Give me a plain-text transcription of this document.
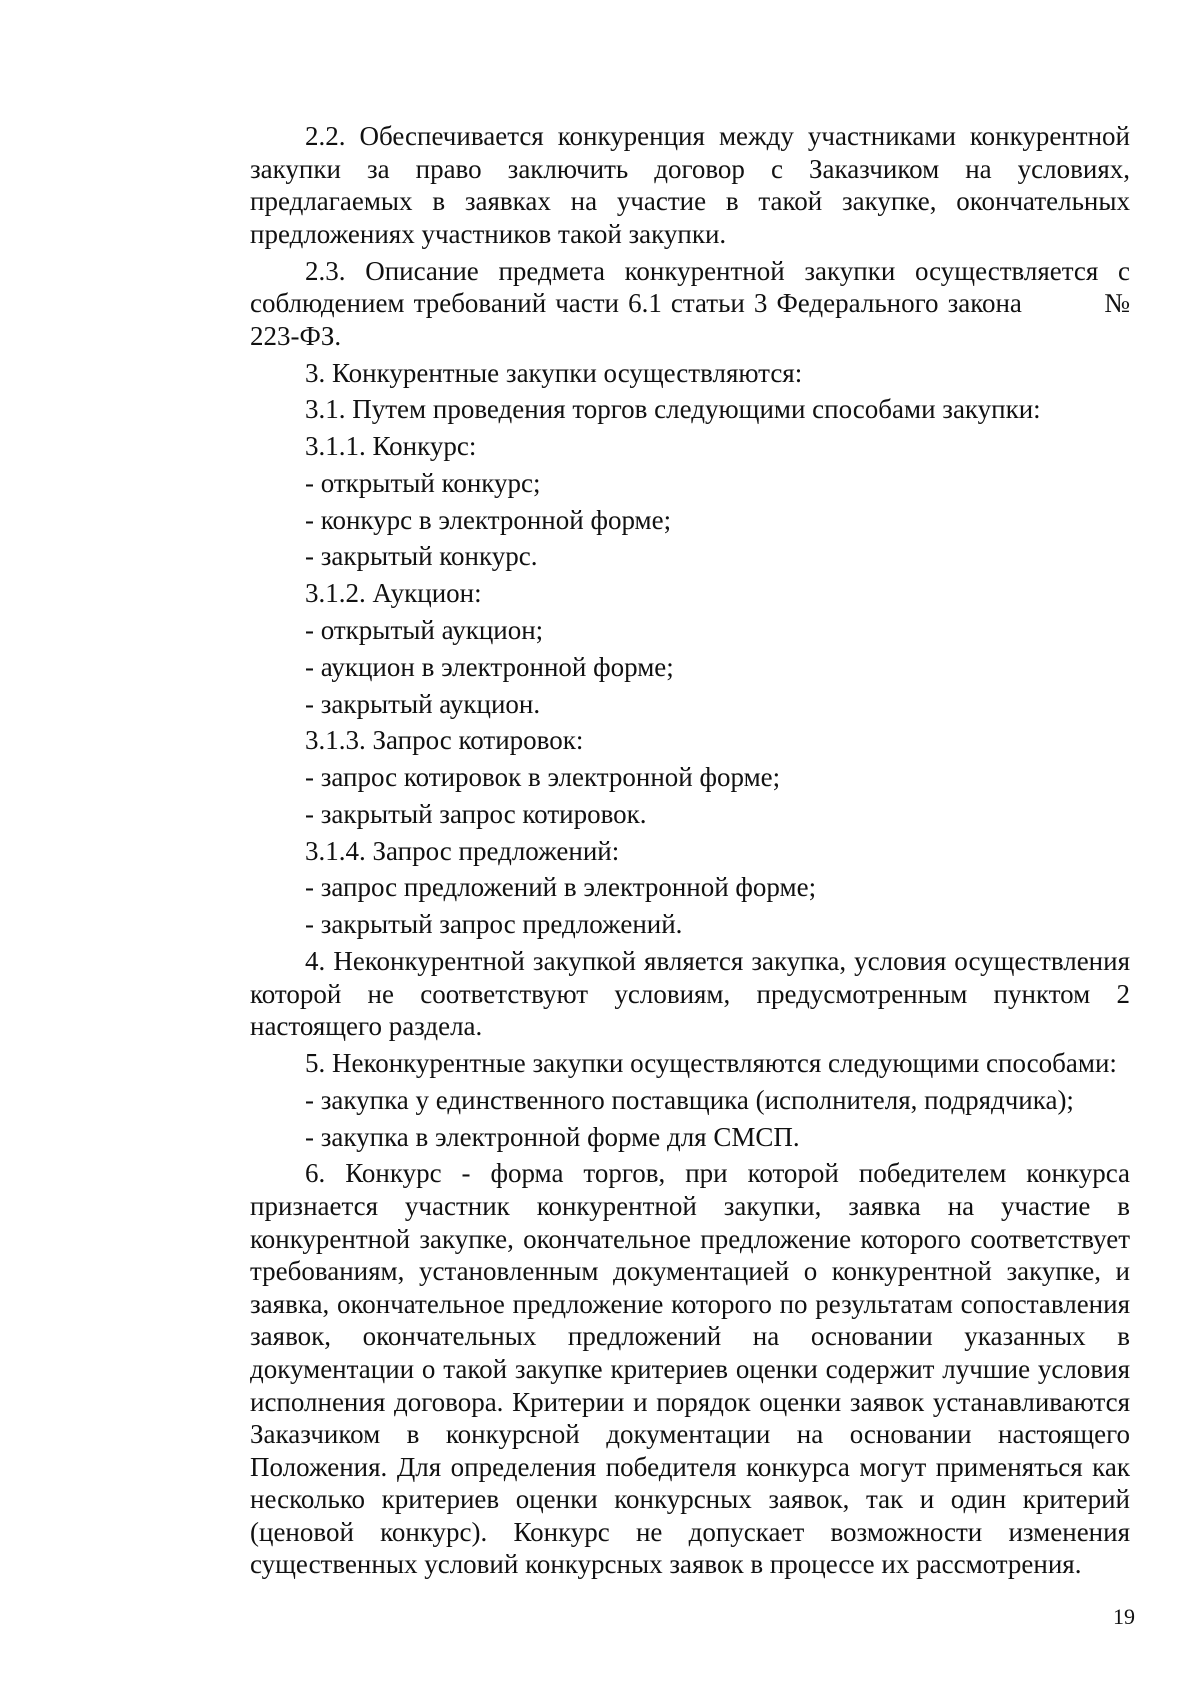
2.2. Обеспечивается конкуренция между участниками конкурентной закупки за право заключить договор с Заказчиком на условиях, предлагаемых в заявках на участие в такой закупке, окончательных предложениях участников такой закупки.

2.3. Описание предмета конкурентной закупки осуществляется с соблюдением требований части 6.1 статьи 3 Федерального закона	№ 223-ФЗ.

3. Конкурентные закупки осуществляются:
3.1. Путем проведения торгов следующими способами закупки:
3.1.1. Конкурс:
- открытый конкурс;
- конкурс в электронной форме;
- закрытый конкурс.
3.1.2. Аукцион:
- открытый аукцион;
- аукцион в электронной форме;
- закрытый аукцион.
3.1.3. Запрос котировок:
- запрос котировок в электронной форме;
- закрытый запрос котировок.
3.1.4. Запрос предложений:
- запрос предложений в электронной форме;
- закрытый запрос предложений.

4. Неконкурентной закупкой является закупка, условия осуществления которой не соответствуют условиям, предусмотренным пунктом 2 настоящего раздела.

5. Неконкурентные закупки осуществляются следующими способами:
- закупка у единственного поставщика (исполнителя, подрядчика);
- закупка в электронной форме для СМСП.

6. Конкурс - форма торгов, при которой победителем конкурса признается участник конкурентной закупки, заявка на участие в конкурентной закупке, окончательное предложение которого соответствует требованиям, установленным документацией о конкурентной закупке, и заявка, окончательное предложение которого по результатам сопоставления заявок, окончательных предложений на основании указанных в документации о такой закупке критериев оценки содержит лучшие условия исполнения договора. Критерии и порядок оценки заявок устанавливаются Заказчиком в конкурсной документации на основании настоящего Положения. Для определения победителя конкурса могут применяться как несколько критериев оценки конкурсных заявок, так и один критерий (ценовой конкурс). Конкурс не допускает возможности изменения существенных условий конкурсных заявок в процессе их рассмотрения.

19
